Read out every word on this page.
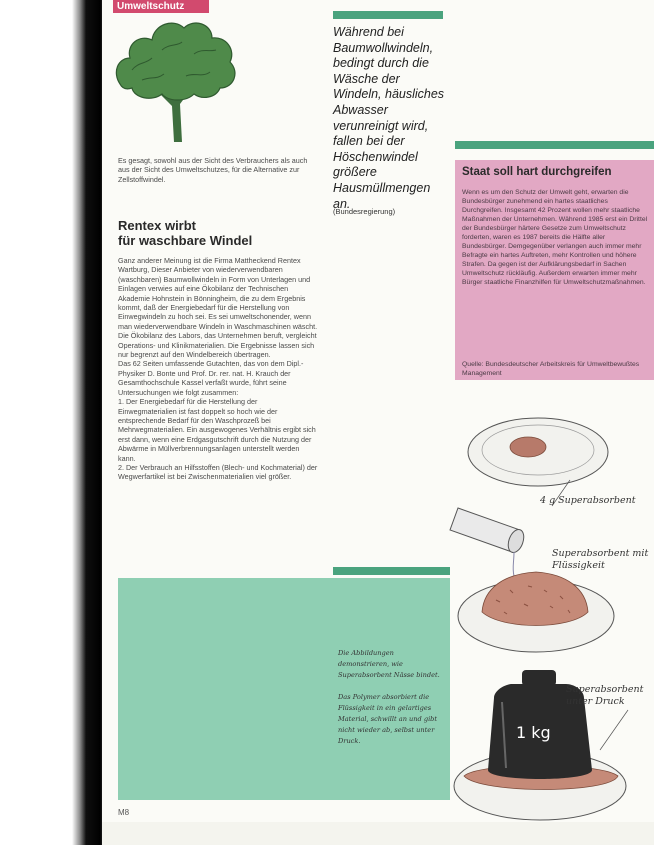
Umweltschutz

Es gesagt, sowohl aus der Sicht des Verbrauchers als auch aus der Sicht des Umweltschutzes, für die Alternative zur Zellstoffwindel.

Rentex wirbt
für waschbare Windel
Ganz anderer Meinung ist die Firma Mattheckend Rentex Wartburg, Dieser Anbieter von wiederverwendbaren (waschbaren) Baumwollwindeln in Form von Unterlagen und Einlagen verwies auf eine Ökobilanz der Technischen Akademie Hohnstein in Bönningheim, die zu dem Ergebnis kommt, daß der Energiebedarf für die Herstellung von Einwegwindeln zu hoch sei. Es sei umweltschonender, wenn man wiederverwendbare Windeln in Waschmaschinen wäscht.
Die Ökobilanz des Labors, das Unternehmen beruft, vergleicht Operations- und Klinikmaterialien. Die Ergebnisse lassen sich nur begrenzt auf den Windelbereich übertragen.
Das 62 Seiten umfassende Gutachten, das von dem Dipl.-Physiker D. Bonte und Prof. Dr. rer. nat. H. Krauch der Gesamthochschule Kassel verfaßt wurde, führt seine Untersuchungen wie folgt zusammen:
1. Der Energiebedarf für die Herstellung der Einwegmaterialien ist fast doppelt so hoch wie der entsprechende Bedarf für den Waschprozeß bei Mehrwegmaterialien. Ein ausgewogenes Verhältnis ergibt sich erst dann, wenn eine Erdgasgutschrift durch die Nutzung der Abwärme in Müllverbrennungsanlagen unterstellt werden kann.
2. Der Verbrauch an Hilfsstoffen (Blech- und Kochmaterial) der Wegwerfartikel ist bei Zwischenmaterialien viel größer.

Während bei Baumwollwindeln, bedingt durch die Wäsche der Windeln, häusliches Abwasser verunreinigt wird, fallen bei der Höschenwindel größere Hausmüllmengen an.

(Bundesregierung)
Staat soll hart durchgreifen

Wenn es um den Schutz der Umwelt geht, erwarten die Bundesbürger zunehmend ein hartes staatliches Durchgreifen. Insgesamt 42 Prozent wollen mehr staatliche Maßnahmen der Unternehmen. Während 1985 erst ein Drittel der Bundesbürger härtere Gesetze zum Umweltschutz forderten, waren es 1987 bereits die Hälfte aller Bundesbürger. Demgegenüber verlangen auch immer mehr Befragte ein hartes Auftreten, mehr Kontrollen und höhere Strafen. Da gegen ist der Aufklärungsbedarf in Sachen Umweltschutz rückläufig. Außerdem erwarten immer mehr Bürger staatliche Finanzhilfen für Umweltschutzmaßnahmen.

Quelle: Bundesdeutscher Arbeitskreis für Umweltbewußtes Management

Die Abbildungen demonstrieren, wie Superabsorbent Nässe bindet.

Das Polymer absorbiert die Flüssigkeit in ein gelartiges Material, schwillt an und gibt nicht wieder ab, selbst unter Druck.	1 kg
4 g Superabsorbent
Superabsorbent mit Flüssigkeit
Superabsorbent unter Druck
M8
